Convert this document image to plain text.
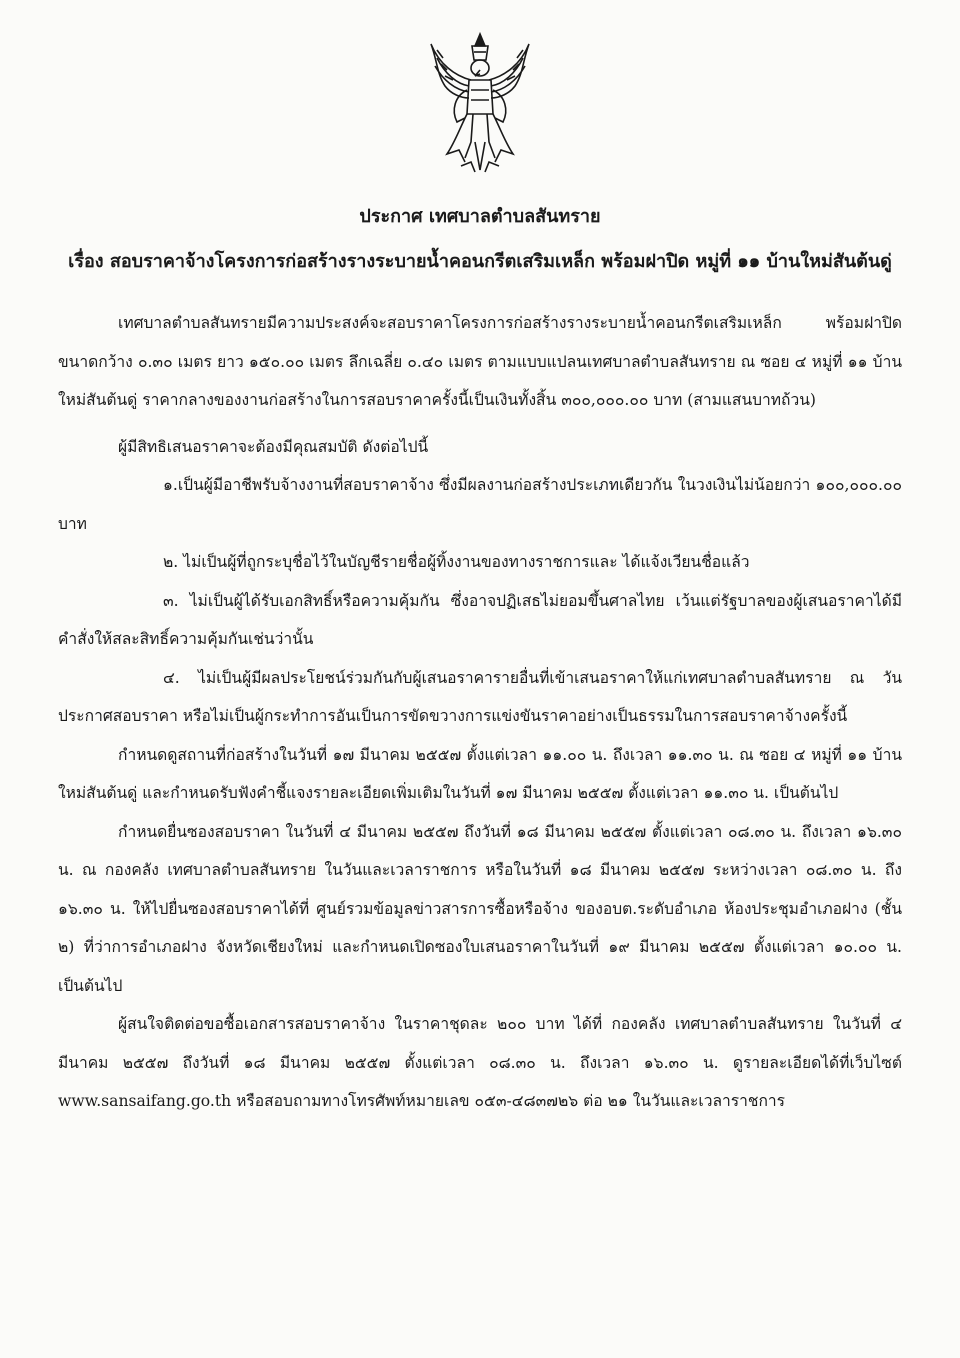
ประกาศ เทศบาลตำบลสันทราย
เรื่อง สอบราคาจ้างโครงการก่อสร้างรางระบายน้ำคอนกรีตเสริมเหล็ก พร้อมฝาปิด หมู่ที่ ๑๑ บ้านใหม่สันต้นดู่

เทศบาลตำบลสันทรายมีความประสงค์จะสอบราคาโครงการก่อสร้างรางระบายน้ำคอนกรีตเสริมเหล็ก พร้อมฝาปิด ขนาดกว้าง ๐.๓๐ เมตร ยาว ๑๕๐.๐๐ เมตร ลึกเฉลี่ย ๐.๔๐ เมตร ตามแบบแปลนเทศบาลตำบลสันทราย ณ ซอย ๔ หมู่ที่ ๑๑ บ้านใหม่สันต้นดู่ ราคากลางของงานก่อสร้างในการสอบราคาครั้งนี้เป็นเงินทั้งสิ้น ๓๐๐,๐๐๐.๐๐ บาท (สามแสนบาทถ้วน)

ผู้มีสิทธิเสนอราคาจะต้องมีคุณสมบัติ ดังต่อไปนี้

๑.เป็นผู้มีอาชีพรับจ้างงานที่สอบราคาจ้าง ซึ่งมีผลงานก่อสร้างประเภทเดียวกัน ในวงเงินไม่น้อยกว่า ๑๐๐,๐๐๐.๐๐ บาท

๒. ไม่เป็นผู้ที่ถูกระบุชื่อไว้ในบัญชีรายชื่อผู้ทิ้งงานของทางราชการและ ได้แจ้งเวียนชื่อแล้ว

๓. ไม่เป็นผู้ได้รับเอกสิทธิ์หรือความคุ้มกัน ซึ่งอาจปฏิเสธไม่ยอมขึ้นศาลไทย เว้นแต่รัฐบาลของผู้เสนอราคาได้มีคำสั่งให้สละสิทธิ์ความคุ้มกันเช่นว่านั้น

๔. ไม่เป็นผู้มีผลประโยชน์ร่วมกันกับผู้เสนอราคารายอื่นที่เข้าเสนอราคาให้แก่เทศบาลตำบลสันทราย ณ วันประกาศสอบราคา หรือไม่เป็นผู้กระทำการอันเป็นการขัดขวางการแข่งขันราคาอย่างเป็นธรรมในการสอบราคาจ้างครั้งนี้

กำหนดดูสถานที่ก่อสร้างในวันที่ ๑๗ มีนาคม ๒๕๕๗ ตั้งแต่เวลา ๑๑.๐๐ น. ถึงเวลา ๑๑.๓๐ น. ณ ซอย ๔ หมู่ที่ ๑๑ บ้านใหม่สันต้นดู่ และกำหนดรับฟังคำชี้แจงรายละเอียดเพิ่มเติมในวันที่ ๑๗ มีนาคม ๒๕๕๗ ตั้งแต่เวลา ๑๑.๓๐ น. เป็นต้นไป

กำหนดยื่นซองสอบราคา ในวันที่ ๔ มีนาคม ๒๕๕๗ ถึงวันที่ ๑๘ มีนาคม ๒๕๕๗ ตั้งแต่เวลา ๐๘.๓๐ น. ถึงเวลา ๑๖.๓๐ น. ณ กองคลัง เทศบาลตำบลสันทราย ในวันและเวลาราชการ หรือในวันที่ ๑๘ มีนาคม ๒๕๕๗ ระหว่างเวลา ๐๘.๓๐ น. ถึง ๑๖.๓๐ น. ให้ไปยื่นซองสอบราคาได้ที่ ศูนย์รวมข้อมูลข่าวสารการซื้อหรือจ้าง ของอบต.ระดับอำเภอ ห้องประชุมอำเภอฝาง (ชั้น ๒) ที่ว่าการอำเภอฝาง จังหวัดเชียงใหม่ และกำหนดเปิดซองใบเสนอราคาในวันที่ ๑๙ มีนาคม ๒๕๕๗ ตั้งแต่เวลา ๑๐.๐๐ น. เป็นต้นไป

ผู้สนใจติดต่อขอซื้อเอกสารสอบราคาจ้าง ในราคาชุดละ ๒๐๐ บาท ได้ที่ กองคลัง เทศบาลตำบลสันทราย ในวันที่ ๔ มีนาคม ๒๕๕๗ ถึงวันที่ ๑๘ มีนาคม ๒๕๕๗ ตั้งแต่เวลา ๐๘.๓๐ น. ถึงเวลา ๑๖.๓๐ น. ดูรายละเอียดได้ที่เว็บไซต์ www.sansaifang.go.th หรือสอบถามทางโทรศัพท์หมายเลข ๐๕๓-๔๘๓๗๒๖ ต่อ ๒๑ ในวันและเวลาราชการ
